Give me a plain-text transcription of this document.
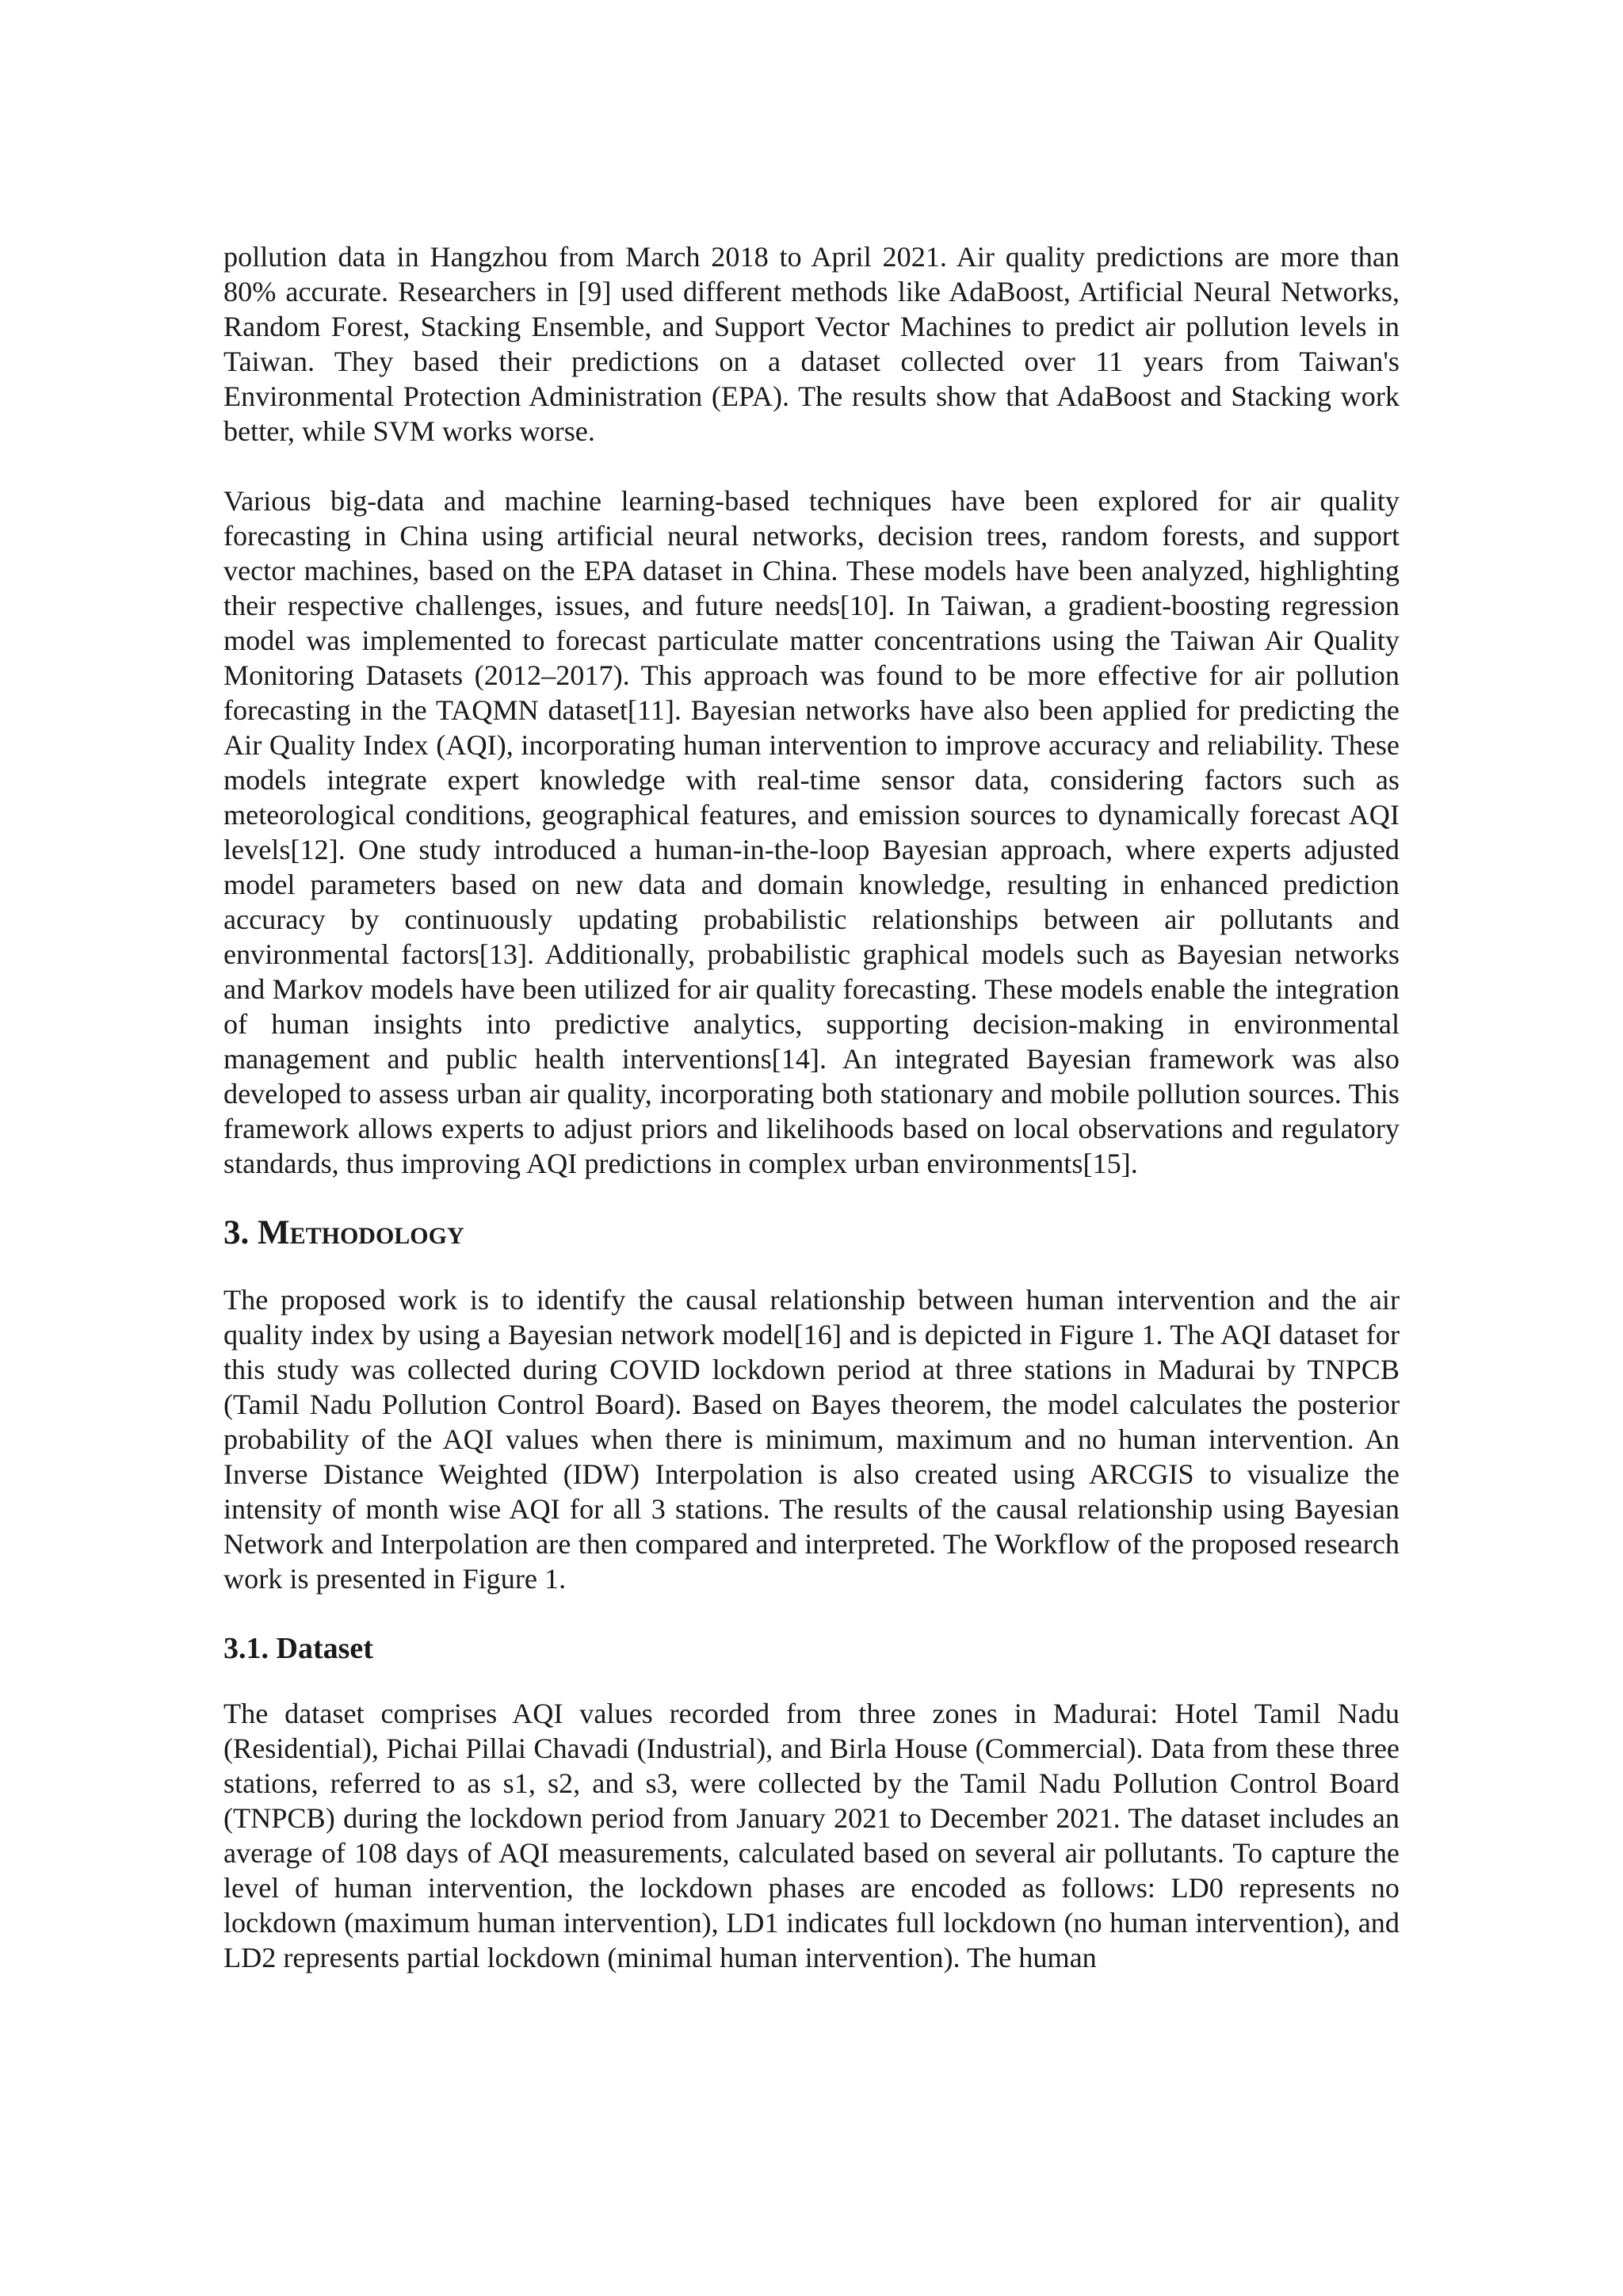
pollution data in Hangzhou from March 2018 to April 2021. Air quality predictions are more than 80% accurate. Researchers in [9] used different methods like AdaBoost, Artificial Neural Networks, Random Forest, Stacking Ensemble, and Support Vector Machines to predict air pollution levels in Taiwan. They based their predictions on a dataset collected over 11 years from Taiwan's Environmental Protection Administration (EPA). The results show that AdaBoost and Stacking work better, while SVM works worse.

Various big-data and machine learning-based techniques have been explored for air quality forecasting in China using artificial neural networks, decision trees, random forests, and support vector machines, based on the EPA dataset in China. These models have been analyzed, highlighting their respective challenges, issues, and future needs[10]. In Taiwan, a gradient-boosting regression model was implemented to forecast particulate matter concentrations using the Taiwan Air Quality Monitoring Datasets (2012–2017). This approach was found to be more effective for air pollution forecasting in the TAQMN dataset[11]. Bayesian networks have also been applied for predicting the Air Quality Index (AQI), incorporating human intervention to improve accuracy and reliability. These models integrate expert knowledge with real-time sensor data, considering factors such as meteorological conditions, geographical features, and emission sources to dynamically forecast AQI levels[12]. One study introduced a human-in-the-loop Bayesian approach, where experts adjusted model parameters based on new data and domain knowledge, resulting in enhanced prediction accuracy by continuously updating probabilistic relationships between air pollutants and environmental factors[13]. Additionally, probabilistic graphical models such as Bayesian networks and Markov models have been utilized for air quality forecasting. These models enable the integration of human insights into predictive analytics, supporting decision-making in environmental management and public health interventions[14]. An integrated Bayesian framework was also developed to assess urban air quality, incorporating both stationary and mobile pollution sources. This framework allows experts to adjust priors and likelihoods based on local observations and regulatory standards, thus improving AQI predictions in complex urban environments[15].

3. Methodology

The proposed work is to identify the causal relationship between human intervention and the air quality index by using a Bayesian network model[16] and is depicted in Figure 1. The AQI dataset for this study was collected during COVID lockdown period at three stations in Madurai by TNPCB (Tamil Nadu Pollution Control Board). Based on Bayes theorem, the model calculates the posterior probability of the AQI values when there is minimum, maximum and no human intervention. An Inverse Distance Weighted (IDW) Interpolation is also created using ARCGIS to visualize the intensity of month wise AQI for all 3 stations. The results of the causal relationship using Bayesian Network and Interpolation are then compared and interpreted. The Workflow of the proposed research work is presented in Figure 1.

3.1. Dataset

The dataset comprises AQI values recorded from three zones in Madurai: Hotel Tamil Nadu (Residential), Pichai Pillai Chavadi (Industrial), and Birla House (Commercial). Data from these three stations, referred to as s1, s2, and s3, were collected by the Tamil Nadu Pollution Control Board (TNPCB) during the lockdown period from January 2021 to December 2021. The dataset includes an average of 108 days of AQI measurements, calculated based on several air pollutants. To capture the level of human intervention, the lockdown phases are encoded as follows: LD0 represents no lockdown (maximum human intervention), LD1 indicates full lockdown (no human intervention), and LD2 represents partial lockdown (minimal human intervention). The human
